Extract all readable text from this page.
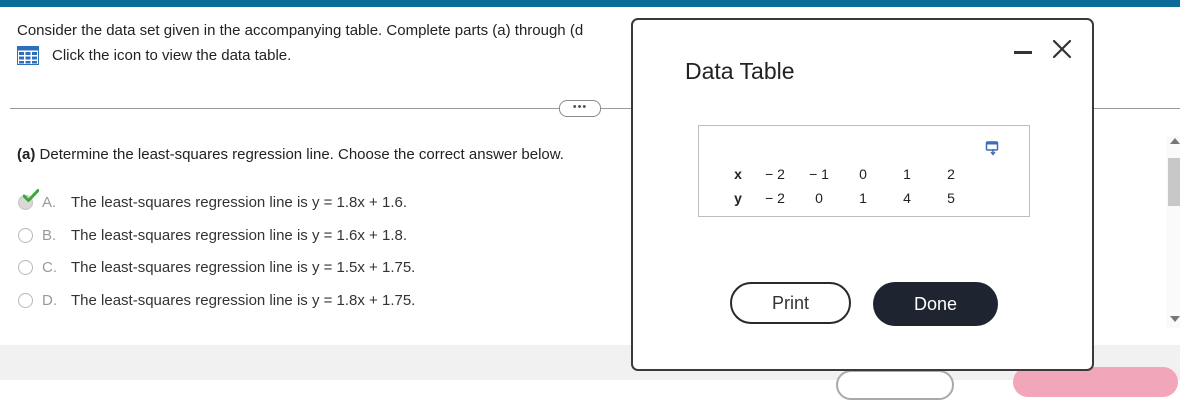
Consider the data set given in the accompanying table. Complete parts (a) through (d
Click the icon to view the data table.
•••
(a) Determine the least-squares regression line. Choose the correct answer below.
A. The least-squares regression line is y = 1.8x + 1.6.
B. The least-squares regression line is y = 1.6x + 1.8.
C. The least-squares regression line is y = 1.5x + 1.75.
D. The least-squares regression line is y = 1.8x + 1.75.
Data Table
x	− 2	− 1	0	1	2
y	− 2	0	1	4	5
Print	Done
